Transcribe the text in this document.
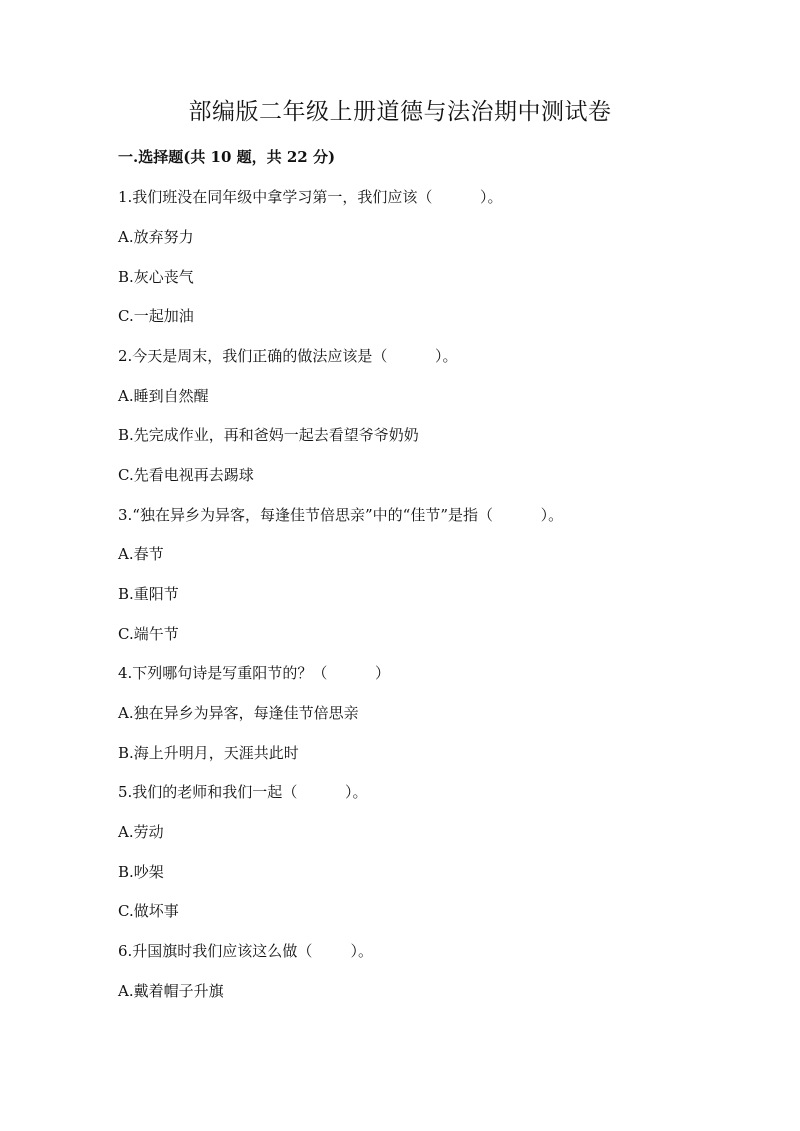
部编版二年级上册道德与法治期中测试卷
一.选择题(共 10 题，共 22 分)
1.我们班没在同年级中拿学习第一，我们应该（          ）。
A.放弃努力
B.灰心丧气
C.一起加油
2.今天是周末，我们正确的做法应该是（          ）。
A.睡到自然醒
B.先完成作业，再和爸妈一起去看望爷爷奶奶
C.先看电视再去踢球
3.“独在异乡为异客，每逢佳节倍思亲”中的“佳节”是指（          ）。
A.春节
B.重阳节
C.端午节
4.下列哪句诗是写重阳节的？（          ）
A.独在异乡为异客，每逢佳节倍思亲
B.海上升明月，天涯共此时
5.我们的老师和我们一起（          ）。
A.劳动
B.吵架
C.做坏事
6.升国旗时我们应该这么做（        ）。
A.戴着帽子升旗
